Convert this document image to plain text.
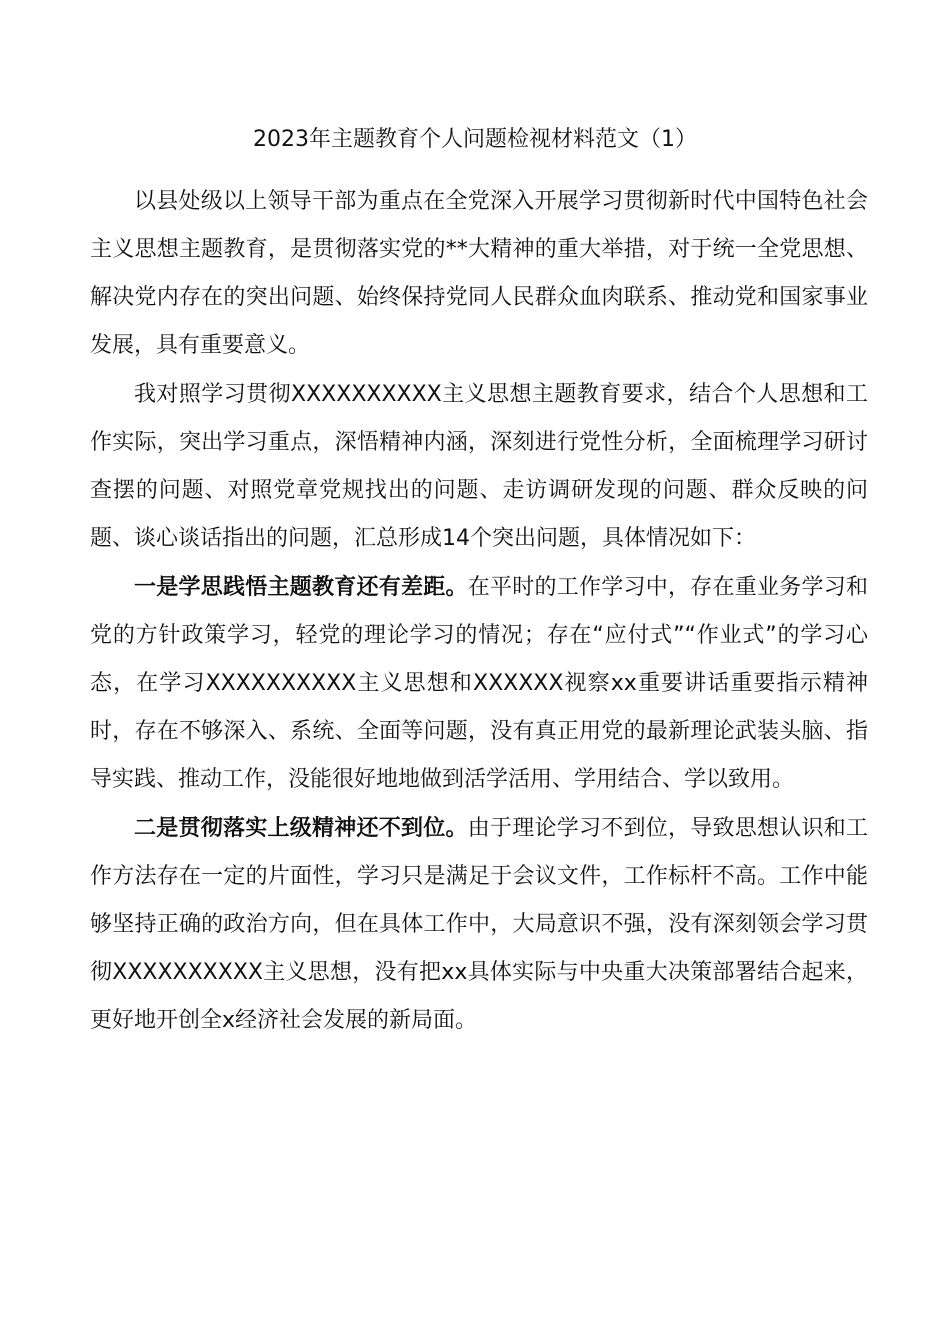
2023年主题教育个人问题检视材料范文（1）

以县处级以上领导干部为重点在全党深入开展学习贯彻新时代中国特色社会主义思想主题教育，是贯彻落实党的**大精神的重大举措，对于统一全党思想、解决党内存在的突出问题、始终保持党同人民群众血肉联系、推动党和国家事业发展，具有重要意义。

我对照学习贯彻XXXXXXXXXX主义思想主题教育要求，结合个人思想和工作实际，突出学习重点，深悟精神内涵，深刻进行党性分析，全面梳理学习研讨查摆的问题、对照党章党规找出的问题、走访调研发现的问题、群众反映的问题、谈心谈话指出的问题，汇总形成14个突出问题，具体情况如下：

一是学思践悟主题教育还有差距。在平时的工作学习中，存在重业务学习和党的方针政策学习，轻党的理论学习的情况；存在“应付式”“作业式”的学习心态，在学习XXXXXXXXXX主义思想和XXXXXX视察xx重要讲话重要指示精神时，存在不够深入、系统、全面等问题，没有真正用党的最新理论武装头脑、指导实践、推动工作，没能很好地地做到活学活用、学用结合、学以致用。

二是贯彻落实上级精神还不到位。由于理论学习不到位，导致思想认识和工作方法存在一定的片面性，学习只是满足于会议文件，工作标杆不高。工作中能够坚持正确的政治方向，但在具体工作中，大局意识不强，没有深刻领会学习贯彻XXXXXXXXXX主义思想，没有把xx具体实际与中央重大决策部署结合起来，更好地开创全x经济社会发展的新局面。
